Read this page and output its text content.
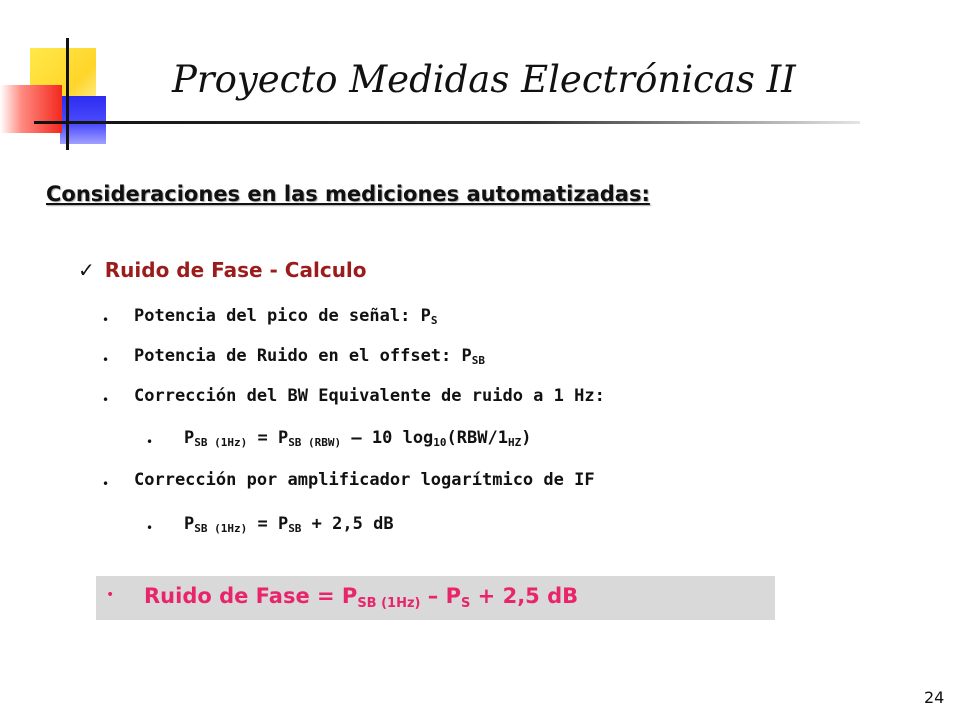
Proyecto Medidas Electrónicas II
Consideraciones en las mediciones automatizadas:
✓ Ruido de Fase - Calculo
• Potencia del pico de señal: $P_S$
• Potencia de Ruido en el offset: $P_{SB}$
• Corrección del BW Equivalente de ruido a 1 Hz:
• $P_{SB (1Hz)} = P_{SB (RBW)} - 10$ $\log_{10}(RBW/1_{HZ})$
• Corrección por amplificador logarítmico de IF
• $P_{SB (1Hz)} = P_{SB} + 2,5$ dB
• Ruido de Fase = $P_{SB (1Hz)} - P_S + 2,5$ dB
24
